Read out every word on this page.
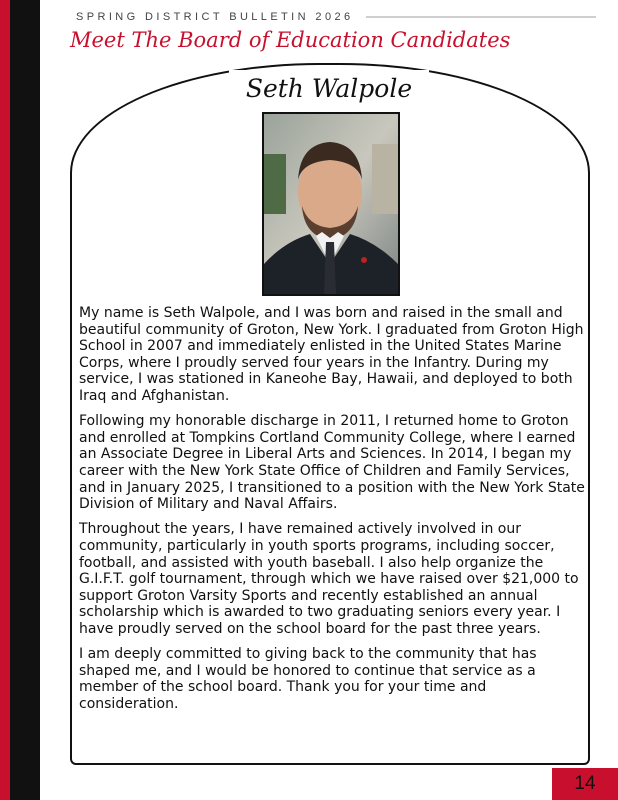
SPRING DISTRICT BULLETIN 2026
Meet The Board of Education Candidates
Seth Walpole

My name is Seth Walpole, and I was born and raised in the small and beautiful community of Groton, New York. I graduated from Groton High School in 2007 and immediately enlisted in the United States Marine Corps, where I proudly served four years in the Infantry. During my service, I was stationed in Kaneohe Bay, Hawaii, and deployed to both Iraq and Afghanistan.

Following my honorable discharge in 2011, I returned home to Groton and enrolled at Tompkins Cortland Community College, where I earned an Associate Degree in Liberal Arts and Sciences. In 2014, I began my career with the New York State Office of Children and Family Services, and in January 2025, I transitioned to a position with the New York State Division of Military and Naval Affairs.

Throughout the years, I have remained actively involved in our community, particularly in youth sports programs, including soccer, football, and assisted with youth baseball. I also help organize the G.I.F.T. golf tournament, through which we have raised over $21,000 to support Groton Varsity Sports and recently established an annual scholarship which is awarded to two graduating seniors every year. I have proudly served on the school board for the past three years.

I am deeply committed to giving back to the community that has shaped me, and I would be honored to continue that service as a member of the school board. Thank you for your time and consideration.

14
